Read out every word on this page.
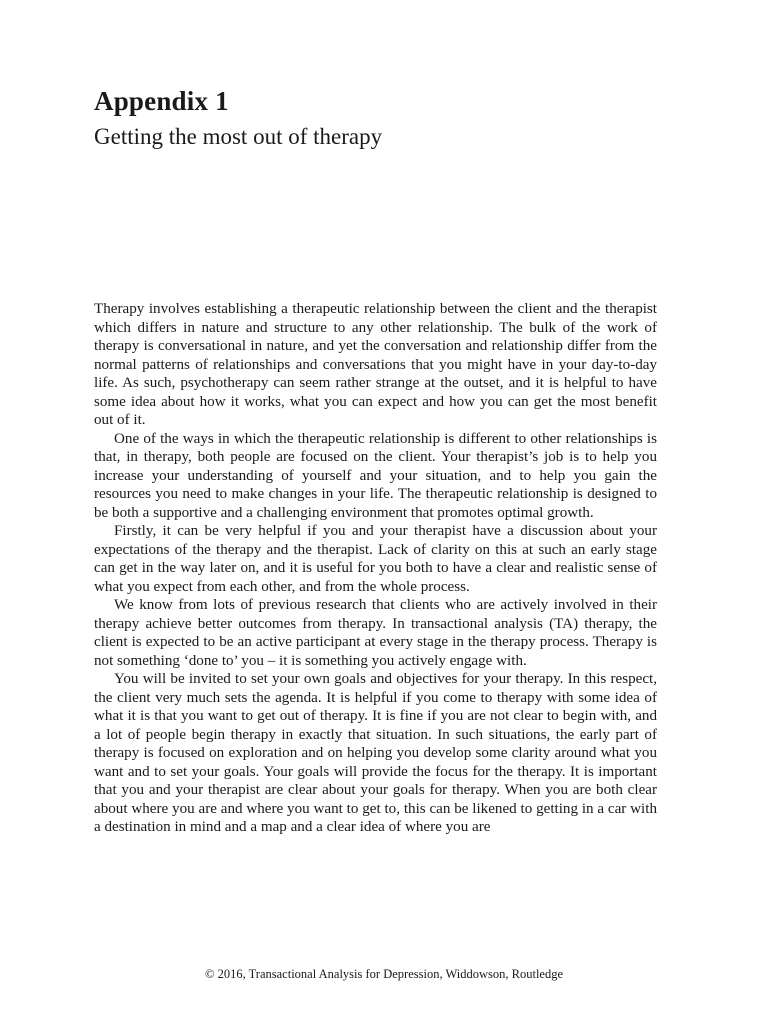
Appendix 1
Getting the most out of therapy

Therapy involves establishing a therapeutic relationship between the client and the therapist which differs in nature and structure to any other relationship. The bulk of the work of therapy is conversational in nature, and yet the conversation and relationship differ from the normal patterns of relationships and conversations that you might have in your day-to-day life. As such, psychotherapy can seem rather strange at the outset, and it is helpful to have some idea about how it works, what you can expect and how you can get the most benefit out of it.

One of the ways in which the therapeutic relationship is different to other relationships is that, in therapy, both people are focused on the client. Your therapist’s job is to help you increase your understanding of yourself and your situation, and to help you gain the resources you need to make changes in your life. The therapeutic relationship is designed to be both a supportive and a challenging environment that promotes optimal growth.

Firstly, it can be very helpful if you and your therapist have a discussion about your expectations of the therapy and the therapist. Lack of clarity on this at such an early stage can get in the way later on, and it is useful for you both to have a clear and realistic sense of what you expect from each other, and from the whole process.

We know from lots of previous research that clients who are actively involved in their therapy achieve better outcomes from therapy. In transactional analysis (TA) therapy, the client is expected to be an active participant at every stage in the therapy process. Therapy is not something ‘done to’ you – it is something you actively engage with.

You will be invited to set your own goals and objectives for your therapy. In this respect, the client very much sets the agenda. It is helpful if you come to therapy with some idea of what it is that you want to get out of therapy. It is fine if you are not clear to begin with, and a lot of people begin therapy in exactly that situation. In such situations, the early part of therapy is focused on exploration and on helping you develop some clarity around what you want and to set your goals. Your goals will provide the focus for the therapy. It is important that you and your therapist are clear about your goals for therapy. When you are both clear about where you are and where you want to get to, this can be likened to getting in a car with a destination in mind and a map and a clear idea of where you are

© 2016, Transactional Analysis for Depression, Widdowson, Routledge
